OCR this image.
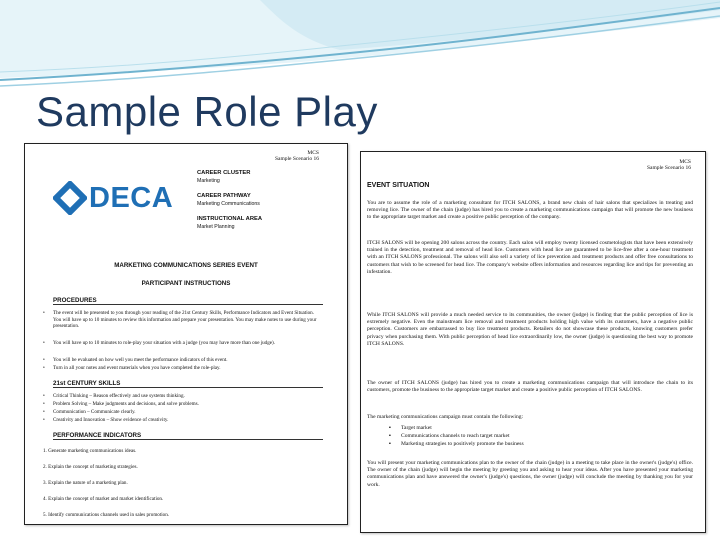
Sample Role Play
MCS
Sample Scenario 16
DECA
CAREER CLUSTER
Marketing
CAREER PATHWAY
Marketing Communications
INSTRUCTIONAL AREA
Market Planning
MARKETING COMMUNICATIONS SERIES EVENT
PARTICIPANT INSTRUCTIONS
PROCEDURES
• The event will be presented to you through your reading of the 21st Century Skills, Performance Indicators and Event Situation. You will have up to 10 minutes to review this information and prepare your presentation. You may make notes to use during your presentation.
• You will have up to 10 minutes to role-play your situation with a judge (you may have more than one judge).
• You will be evaluated on how well you meet the performance indicators of this event.
• Turn in all your notes and event materials when you have completed the role-play.
21st CENTURY SKILLS
• Critical Thinking – Reason effectively and use systems thinking.
• Problem Solving – Make judgments and decisions, and solve problems.
• Communication – Communicate clearly.
• Creativity and Innovation – Show evidence of creativity.
PERFORMANCE INDICATORS
1. Generate marketing communications ideas.
2. Explain the concept of marketing strategies.
3. Explain the nature of a marketing plan.
4. Explain the concept of market and market identification.
5. Identify communications channels used in sales promotion.
MCS
Sample Scenario 16
EVENT SITUATION
You are to assume the role of a marketing consultant for ITCH SALONS, a brand new chain of hair salons that specializes in treating and removing lice. The owner of the chain (judge) has hired you to create a marketing communications campaign that will promote the new business to the appropriate target market and create a positive public perception of the company.
ITCH SALONS will be opening 200 salons across the country. Each salon will employ twenty licensed cosmetologists that have been extensively trained in the detection, treatment and removal of head lice. Customers with head lice are guaranteed to be lice-free after a one-hour treatment with an ITCH SALONS professional. The salons will also sell a variety of lice prevention and treatment products and offer free consultations to customers that wish to be screened for head lice. The company's website offers information and resources regarding lice and tips for preventing an infestation.
While ITCH SALONS will provide a much needed service to its communities, the owner (judge) is finding that the public perception of lice is extremely negative. Even the mainstream lice removal and treatment products holding high value with its customers, have a negative public perception. Customers are embarrassed to buy lice treatment products. Retailers do not showcase these products, knowing customers prefer privacy when purchasing them. With public perception of head lice extraordinarily low, the owner (judge) is questioning the best way to promote ITCH SALONS.
The owner of ITCH SALONS (judge) has hired you to create a marketing communications campaign that will introduce the chain to its customers, promote the business to the appropriate target market and create a positive public perception of ITCH SALONS.
The marketing communications campaign must contain the following:
▪ Target market
▪ Communications channels to reach target market
▪ Marketing strategies to positively promote the business
You will present your marketing communications plan to the owner of the chain (judge) in a meeting to take place in the owner's (judge's) office. The owner of the chain (judge) will begin the meeting by greeting you and asking to hear your ideas. After you have presented your marketing communications plan and have answered the owner's (judge's) questions, the owner (judge) will conclude the meeting by thanking you for your work.
